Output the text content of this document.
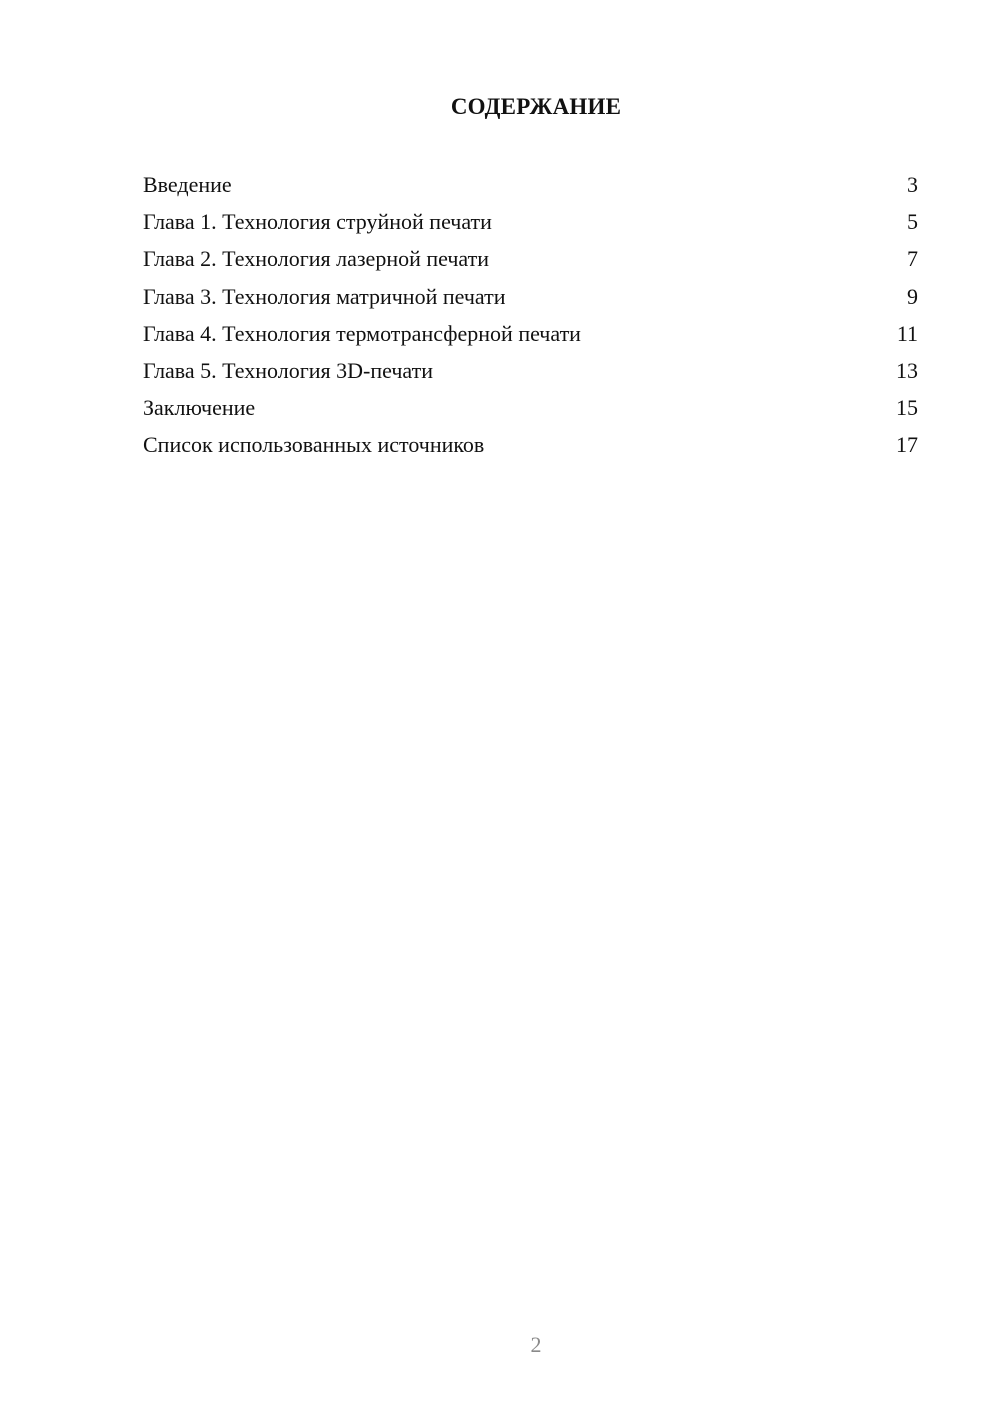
СОДЕРЖАНИЕ
Введение	3
Глава 1. Технология струйной печати	5
Глава 2. Технология лазерной печати	7
Глава 3. Технология матричной печати	9
Глава 4. Технология термотрансферной печати	11
Глава 5. Технология 3D-печати	13
Заключение	15
Список использованных источников	17
2
